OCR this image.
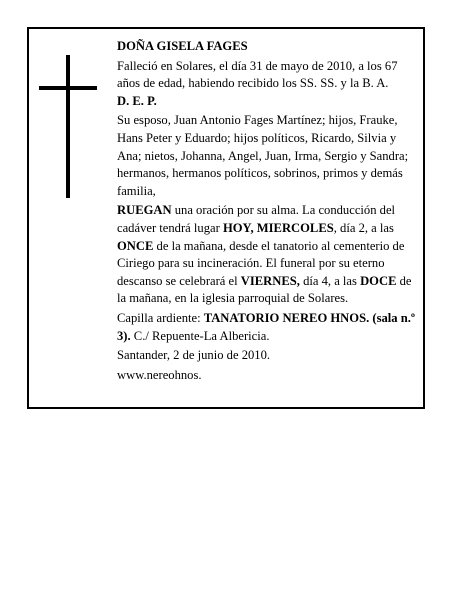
DOÑA GISELA FAGES

Falleció en Solares, el día 31 de mayo de 2010, a los 67 años de edad, habiendo recibido los SS. SS. y la B. A.

D. E. P.

Su esposo, Juan Antonio Fages Martínez; hijos, Frauke, Hans Peter y Eduardo; hijos políticos, Ricardo, Silvia y Ana; nietos, Johanna, Angel, Juan, Irma, Sergio y Sandra; hermanos, hermanos políticos, sobrinos, primos y demás familia,

RUEGAN una oración por su alma. La conducción del cadáver tendrá lugar HOY, MIERCOLES, día 2, a las ONCE de la mañana, desde el tanatorio al cementerio de Ciriego para su incineración. El funeral por su eterno descanso se celebrará el VIERNES, día 4, a las DOCE de la mañana, en la iglesia parroquial de Solares.

Capilla ardiente: TANATORIO NEREO HNOS. (sala n.º 3). C./ Repuente-La Albericia.

Santander, 2 de junio de 2010.

www.nereohnos.
